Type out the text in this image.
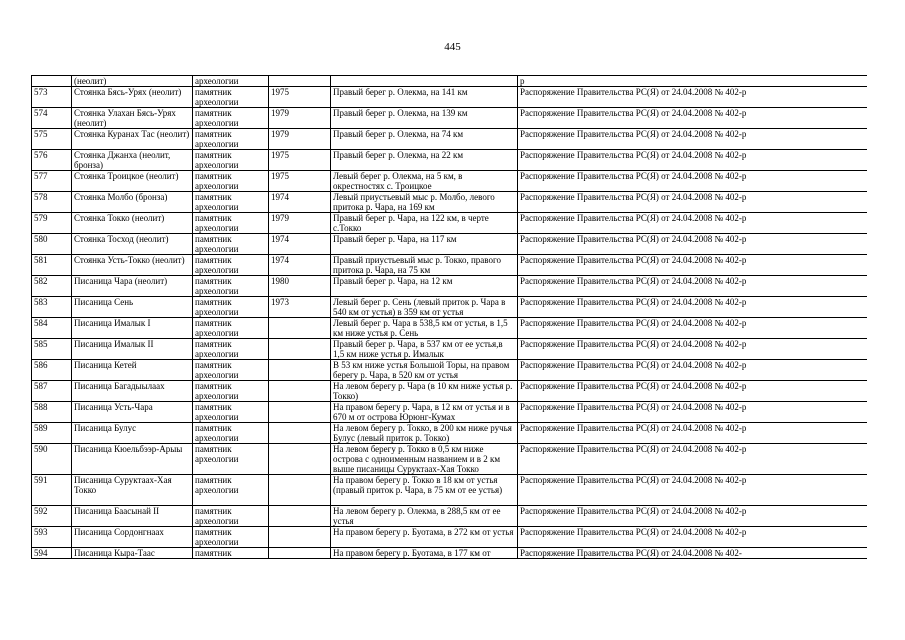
445
	(неолит)	археологии			р
573	Стоянка Бясь-Урях (неолит)	памятник археологии	1975	Правый берег р. Олекма, на 141 км	Распоряжение Правительства РС(Я) от 24.04.2008 № 402-р
574	Стоянка Улахан Бясь-Урях (неолит)	памятник археологии	1979	Правый берег р. Олекма, на 139 км	Распоряжение Правительства РС(Я) от 24.04.2008 № 402-р
575	Стоянка Куранах Тас (неолит)	памятник археологии	1979	Правый берег р. Олекма, на 74 км	Распоряжение Правительства РС(Я) от 24.04.2008 № 402-р
576	Стоянка Джанха (неолит, бронза)	памятник археологии	1975	Правый берег р. Олекма, на 22 км	Распоряжение Правительства РС(Я) от 24.04.2008 № 402-р
577	Стоянка Троицкое (неолит)	памятник археологии	1975	Левый берег р. Олекма, на 5 км, в окрестностях с. Троицкое	Распоряжение Правительства РС(Я) от 24.04.2008 № 402-р
578	Стоянка Молбо (бронза)	памятник археологии	1974	Левый приустьевый мыс р. Молбо, левого притока р. Чара, на 169 км	Распоряжение Правительства РС(Я) от 24.04.2008 № 402-р
579	Стоянка Токко (неолит)	памятник археологии	1979	Правый берег р. Чара, на 122 км, в черте с.Токко	Распоряжение Правительства РС(Я) от 24.04.2008 № 402-р
580	Стоянка Тосход (неолит)	памятник археологии	1974	Правый берег р. Чара, на 117 км	Распоряжение Правительства РС(Я) от 24.04.2008 № 402-р
581	Стоянка Усть-Токко (неолит)	памятник археологии	1974	Правый приустьевый мыс р. Токко, правого притока р. Чара, на 75 км	Распоряжение Правительства РС(Я) от 24.04.2008 № 402-р
582	Писаница Чара (неолит)	памятник археологии	1980	Правый берег р. Чара, на 12 км	Распоряжение Правительства РС(Я) от 24.04.2008 № 402-р
583	Писаница Сень	памятник археологии	1973	Левый берег р. Сень (левый приток р. Чара в 540 км от устья) в 359 км от устья	Распоряжение Правительства РС(Я) от 24.04.2008 № 402-р
584	Писаница Ималык I	памятник археологии		Левый берег р. Чара в 538,5 км от устья, в 1,5 км ниже устья р. Сень	Распоряжение Правительства РС(Я) от 24.04.2008 № 402-р
585	Писаница Ималык II	памятник археологии		Правый берег р. Чара, в 537 км от ее устья,в 1,5 км ниже устья р. Ималык	Распоряжение Правительства РС(Я) от 24.04.2008 № 402-р
586	Писаница Кетей	памятник археологии		В 53 км ниже устья Большой Торы, на правом берегу р. Чара, в 520 км от устья	Распоряжение Правительства РС(Я) от 24.04.2008 № 402-р
587	Писаница Багадыылаах	памятник археологии		На левом берегу р. Чара (в 10 км ниже устья р. Токко)	Распоряжение Правительства РС(Я) от 24.04.2008 № 402-р
588	Писаница Усть-Чара	памятник археологии		На правом берегу р. Чара, в 12 км от устья и в 670 м от острова Юрюнг-Кумах	Распоряжение Правительства РС(Я) от 24.04.2008 № 402-р
589	Писаница Булус	памятник археологии		На левом берегу р. Токко, в 200 км ниже ручья Булус (левый приток р. Токко)	Распоряжение Правительства РС(Я) от 24.04.2008 № 402-р
590	Писаница Кюельбээр-Арыы	памятник археологии		На левом берегу р. Токко в 0,5 км ниже острова с одноименным названием и в 2 км выше писаницы Суруктаах-Хая Токко	Распоряжение Правительства РС(Я) от 24.04.2008 № 402-р
591	Писаница Суруктаах-Хая Токко	памятник археологии		На правом берегу р. Токко в 18 км от устья (правый приток р. Чара, в 75 км от ее устья)	Распоряжение Правительства РС(Я) от 24.04.2008 № 402-р
592	Писаница Баасынай II	памятник археологии		На левом берегу р. Олекма, в 288,5 км от ее устья	Распоряжение Правительства РС(Я) от 24.04.2008 № 402-р
593	Писаница Сордонгнаах	памятник археологии		На правом берегу р. Буотама, в 272 км от устья	Распоряжение Правительства РС(Я) от 24.04.2008 № 402-р
594	Писаница Кыра-Таас	памятник		На правом берегу р. Буотама, в 177 км от	Распоряжение Правительства РС(Я) от 24.04.2008 № 402-
